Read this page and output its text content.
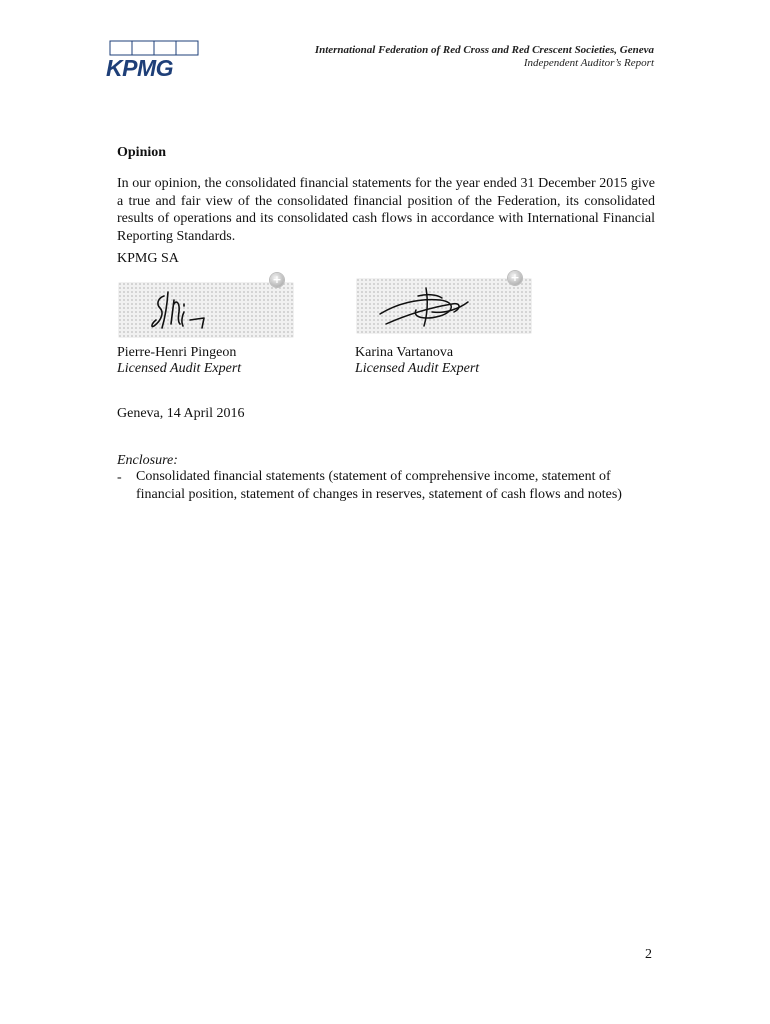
KPMG
International Federation of Red Cross and Red Crescent Societies, Geneva
Independent Auditor’s Report
Opinion
In our opinion, the consolidated financial statements for the year ended 31 December 2015 give a true and fair view of the consolidated financial position of the Federation, its consolidated results of operations and its consolidated cash flows in accordance with International Financial Reporting Standards.
KPMG SA
+	+
Pierre-Henri Pingeon
Licensed Audit Expert
Karina Vartanova
Licensed Audit Expert
Geneva, 14 April 2016
Enclosure:
- Consolidated financial statements (statement of comprehensive income, statement of financial position, statement of changes in reserves, statement of cash flows and notes)
2
